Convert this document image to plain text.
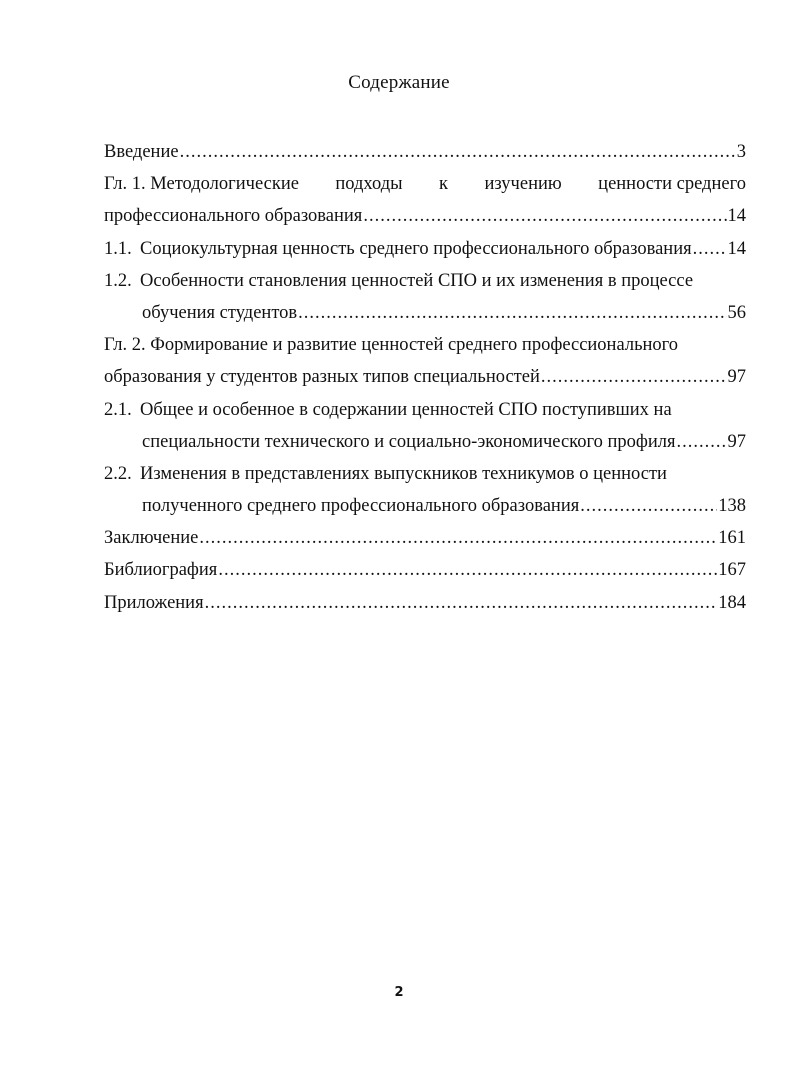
Содержание
Введение .....	3
Гл. 1. Методологические подходы к изучению ценности среднего
профессионального образования .....	14
1.1. Социокультурная ценность среднего профессионального образования ..... 14
1.2. Особенности становления ценностей СПО и их изменения в процессе
обучения студентов .....	56
Гл. 2. Формирование и развитие ценностей среднего профессионального
образования у студентов разных типов специальностей .....	97
2.1. Общее и особенное в содержании ценностей СПО поступивших на
специальности технического и социально-экономического профиля .....	97
2.2. Изменения в представлениях выпускников техникумов о ценности
полученного среднего профессионального образования .....	138
Заключение .....	161
Библиография .....	167
Приложения .....	184
2
